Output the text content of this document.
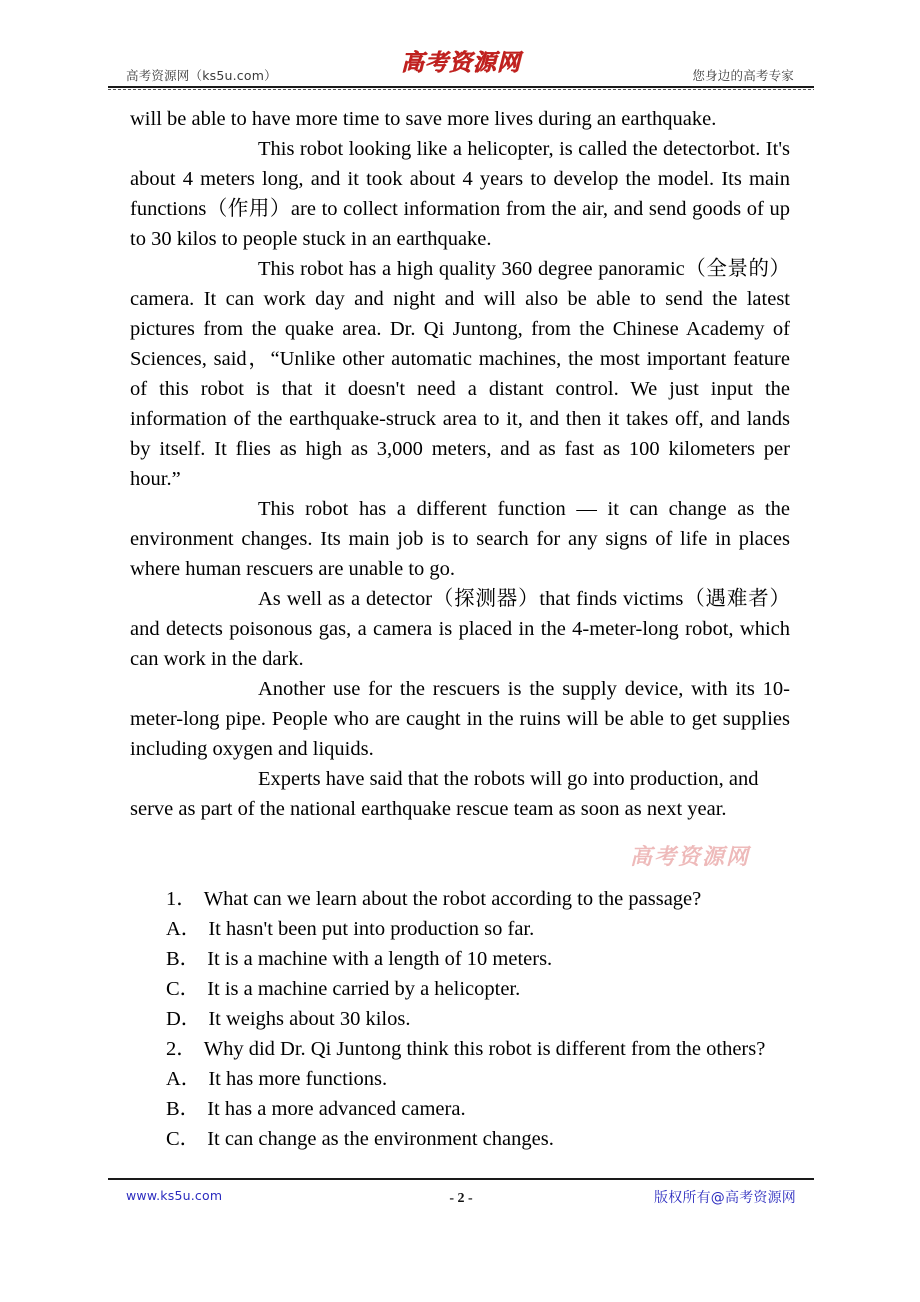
高考资源网（ks5u.com）	高考资源网	您身边的高考专家

will be able to have more time to save more lives during an earthquake.

This robot looking like a helicopter, is called the detectorbot. It's about 4 meters long, and it took about 4 years to develop the model. Its main functions（作用）are to collect information from the air, and send goods of up to 30 kilos to people stuck in an earthquake.

This robot has a high quality 360 degree panoramic（全景的）camera. It can work day and night and will also be able to send the latest pictures from the quake area. Dr. Qi Juntong, from the Chinese Academy of Sciences, said，“Unlike other automatic machines, the most important feature of this robot is that it doesn't need a distant control. We just input the information of the earthquake-struck area to it, and then it takes off, and lands by itself. It flies as high as 3,000 meters, and as fast as 100 kilometers per hour.”

This robot has a different function — it can change as the environment changes. Its main job is to search for any signs of life in places where human rescuers are unable to go.

As well as a detector（探测器）that finds victims（遇难者）and detects poisonous gas, a camera is placed in the 4-meter-long robot, which can work in the dark.

Another use for the rescuers is the supply device, with its 10-meter-long pipe. People who are caught in the ruins will be able to get supplies including oxygen and liquids.

Experts have said that the robots will go into production, and serve as part of the national earthquake rescue team as soon as next year.

高考资源网

1． What can we learn about the robot according to the passage?

A． It hasn't been put into production so far.

B． It is a machine with a length of 10 meters.

C． It is a machine carried by a helicopter.

D． It weighs about 30 kilos.

2． Why did Dr. Qi Juntong think this robot is different from the others?

A． It has more functions.

B． It has a more advanced camera.

C． It can change as the environment changes.

www.ks5u.com	- 2 -	版权所有@高考资源网
